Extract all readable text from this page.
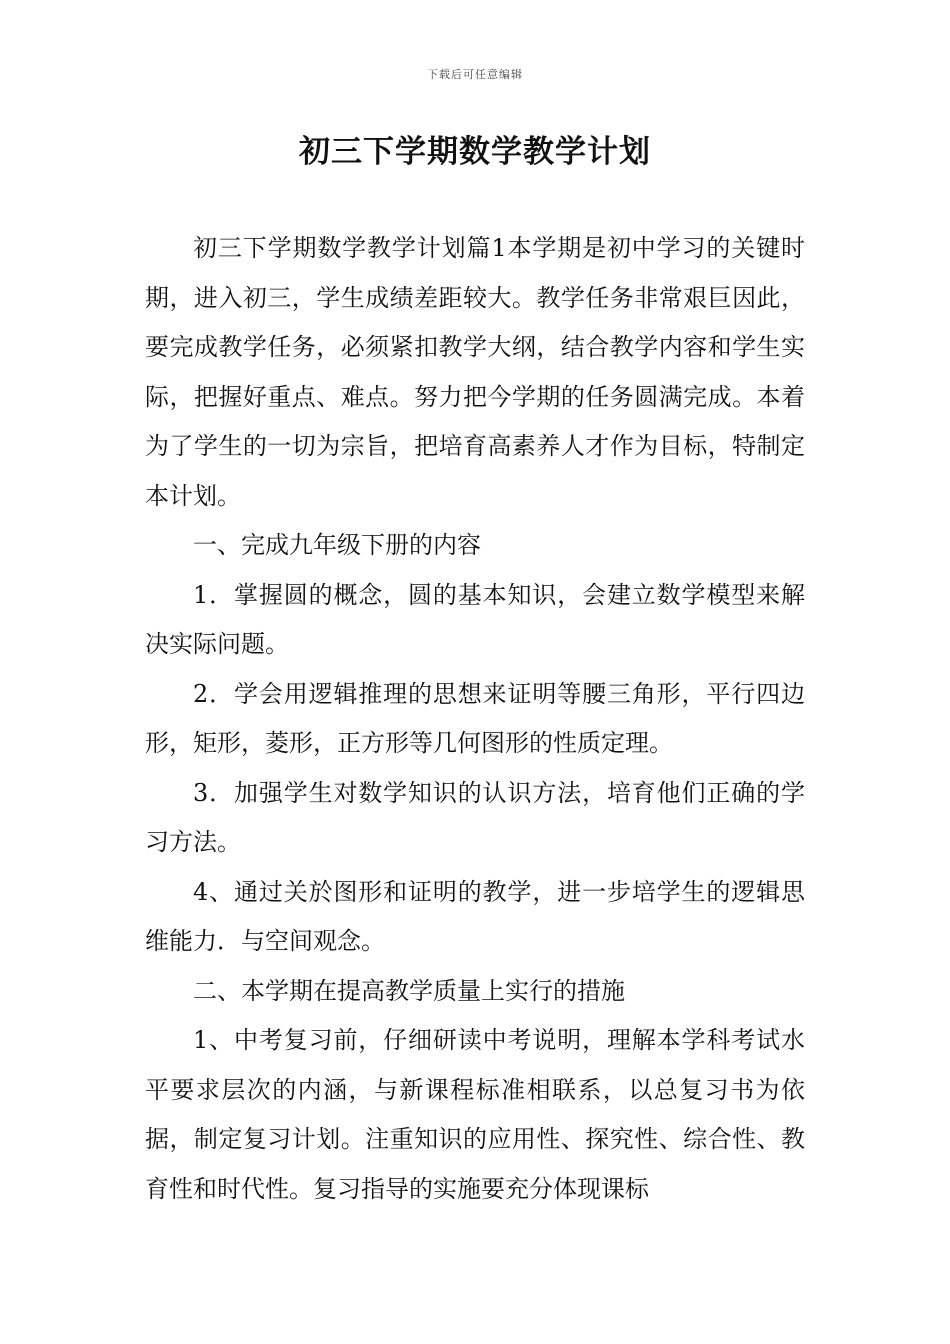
下载后可任意编辑
初三下学期数学教学计划

初三下学期数学教学计划篇1本学期是初中学习的关键时期，进入初三，学生成绩差距较大。教学任务非常艰巨因此，要完成教学任务，必须紧扣教学大纲，结合教学内容和学生实际，把握好重点、难点。努力把今学期的任务圆满完成。本着为了学生的一切为宗旨，把培育高素养人才作为目标，特制定本计划。

一、完成九年级下册的内容

1．掌握圆的概念，圆的基本知识，会建立数学模型来解决实际问题。

2．学会用逻辑推理的思想来证明等腰三角形，平行四边形，矩形，菱形，正方形等几何图形的性质定理。

3．加强学生对数学知识的认识方法，培育他们正确的学习方法。

4、通过关於图形和证明的教学，进一步培学生的逻辑思维能力．与空间观念。

二、本学期在提高教学质量上实行的措施

1、中考复习前，仔细研读中考说明，理解本学科考试水平要求层次的内涵，与新课程标准相联系，以总复习书为依据，制定复习计划。注重知识的应用性、探究性、综合性、教育性和时代性。复习指导的实施要充分体现课标
